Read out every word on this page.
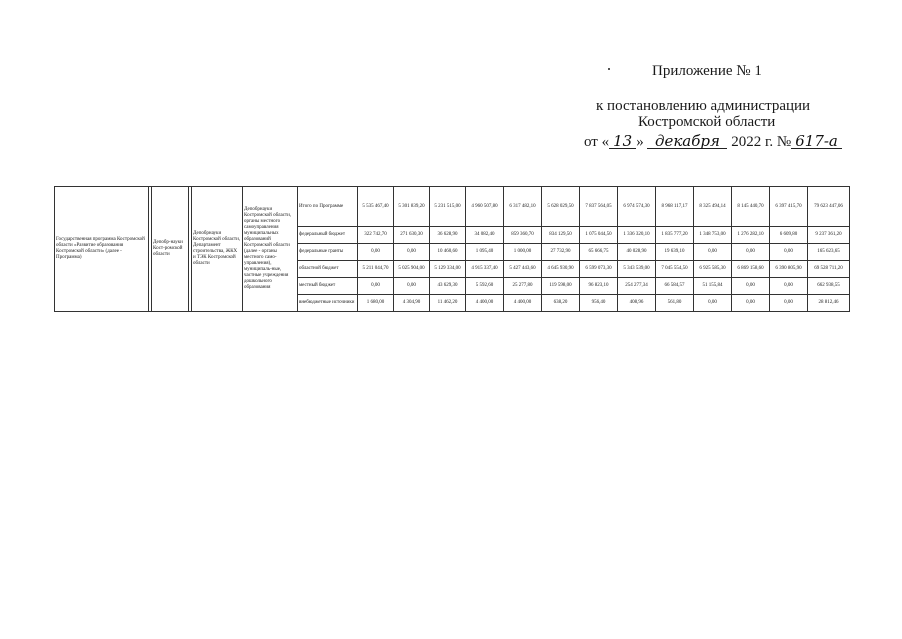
Приложение № 1
к постановлению администрации
Костромской области
от « 13 » декабря 2022 г. № 617-а
Государственная программа Костромской области «Развитие образования Костромской области» (далее - Программа)		Депобр-науки Кост-ромской области		Депобрнауки Костромской области, Департамент строительства, ЖКХ и ТЭК Костромской области	Депобрнауки Костромской области, органы местного самоуправления муниципальных образований Костромской области (далее - органы местного само-управления), муниципаль-ные, частные учреждения дошкольного образования	Итого по Программе	5 535 467,40	5 301 839,20	5 231 515,00	4 960 507,80	6 317 482,10	5 628 029,50	7 837 564,05	6 974 574,30	8 968 117,17	8 325 494,14	8 145 440,70	6 397 415,70	79 623 447,06
						федеральный бюджет	322 742,70	271 630,30	36 628,90	34 082,40	859 360,70	834 129,50	1 075 044,50	1 336 320,10	1 835 777,20	1 348 753,00	1 276 282,10	6 609,80	9 237 361,20
						федеральные гранты	0,00	0,00	10 460,60	1 095,40	1 000,00	27 732,90	65 666,75	40 028,90	19 639,10	0,00	0,00	0,00	165 623,65
						областной бюджет	5 211 044,70	5 025 904,00	5 129 334,00	4 915 337,40	5 427 443,60	4 645 930,90	6 599 073,30	5 343 539,00	7 045 554,50	6 925 585,30	6 869 158,60	6 390 805,90	69 528 711,20
						местный бюджет	0,00	0,00	43 629,30	5 592,60	25 277,80	119 598,00	96 823,10	254 277,34	66 584,57	51 155,84	0,00	0,00	662 938,55
						внебюджетные источники	1 680,00	4 304,90	11 462,20	4 400,00	4 400,00	638,20	956,40	408,96	561,80	0,00	0,00	0,00	28 812,46
